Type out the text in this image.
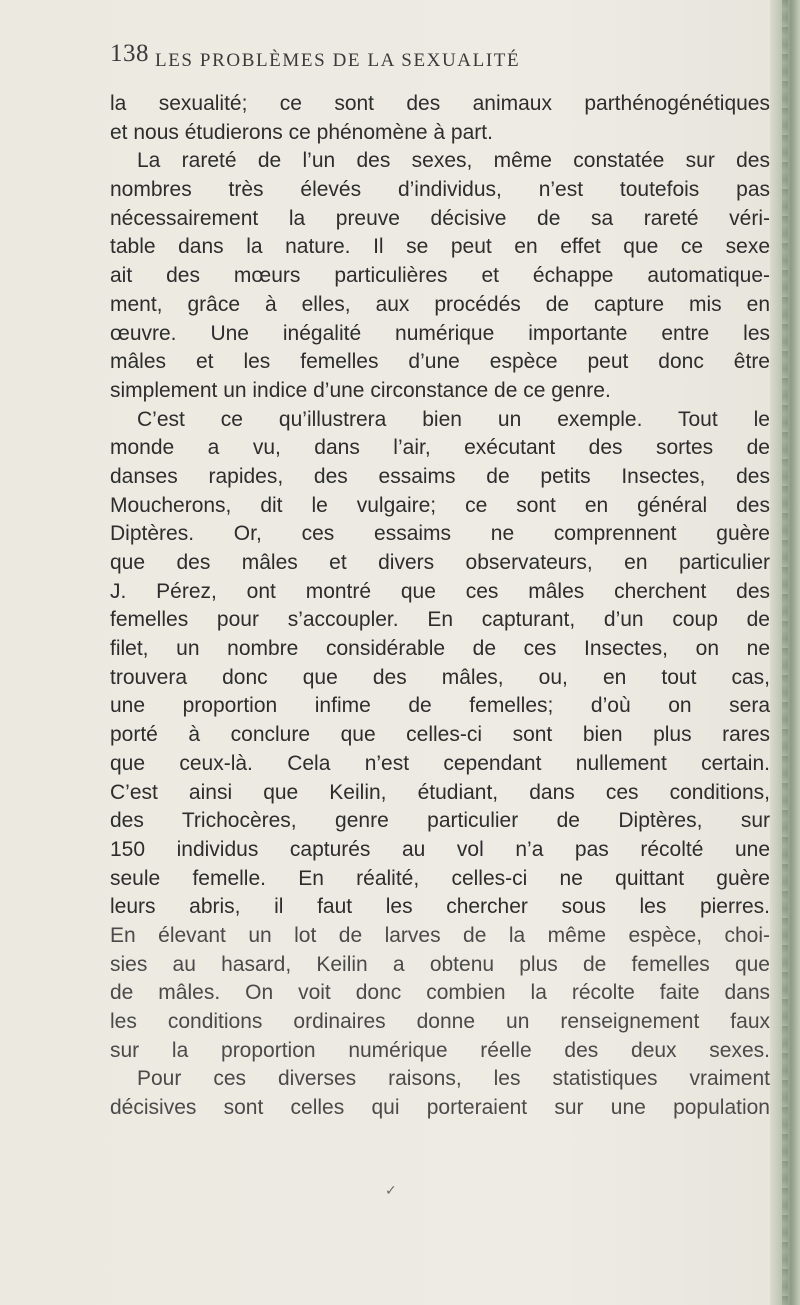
138 LES PROBLÈMES DE LA SEXUALITÉ
la sexualité; ce sont des animaux parthénogénétiques
et nous étudierons ce phénomène à part.
La rareté de l’un des sexes, même constatée sur des
nombres très élevés d’individus, n’est toutefois pas
nécessairement la preuve décisive de sa rareté véri-
table dans la nature. Il se peut en effet que ce sexe
ait des mœurs particulières et échappe automatique-
ment, grâce à elles, aux procédés de capture mis en
œuvre. Une inégalité numérique importante entre les
mâles et les femelles d’une espèce peut donc être
simplement un indice d’une circonstance de ce genre.
C’est ce qu’illustrera bien un exemple. Tout le
monde a vu, dans l’air, exécutant des sortes de
danses rapides, des essaims de petits Insectes, des
Moucherons, dit le vulgaire; ce sont en général des
Diptères. Or, ces essaims ne comprennent guère
que des mâles et divers observateurs, en particulier
J. Pérez, ont montré que ces mâles cherchent des
femelles pour s’accoupler. En capturant, d’un coup de
filet, un nombre considérable de ces Insectes, on ne
trouvera donc que des mâles, ou, en tout cas,
une proportion infime de femelles; d’où on sera
porté à conclure que celles-ci sont bien plus rares
que ceux-là. Cela n’est cependant nullement certain.
C’est ainsi que Keilin, étudiant, dans ces conditions,
des Trichocères, genre particulier de Diptères, sur
150 individus capturés au vol n’a pas récolté une
seule femelle. En réalité, celles-ci ne quittant guère
leurs abris, il faut les chercher sous les pierres.
En élevant un lot de larves de la même espèce, choi-
sies au hasard, Keilin a obtenu plus de femelles que
de mâles. On voit donc combien la récolte faite dans
les conditions ordinaires donne un renseignement faux
sur la proportion numérique réelle des deux sexes.
Pour ces diverses raisons, les statistiques vraiment
décisives sont celles qui porteraient sur une population
✓
